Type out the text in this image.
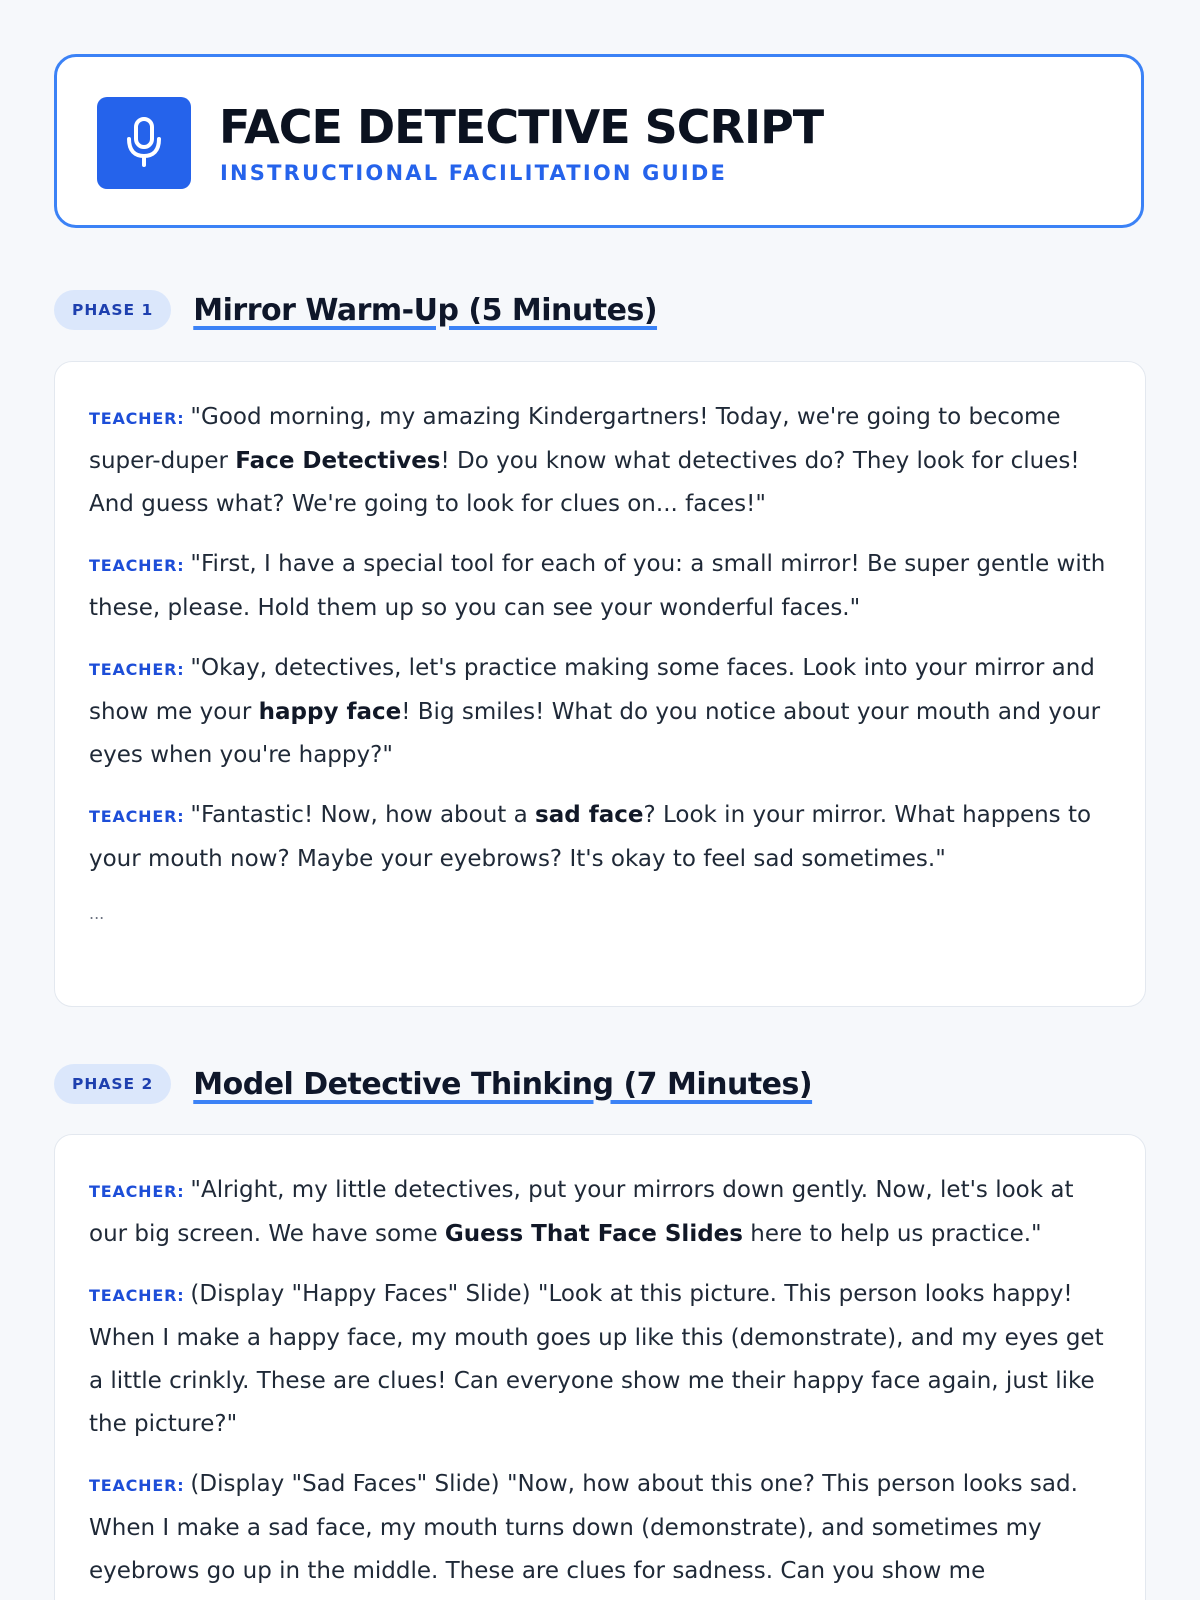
FACE DETECTIVE SCRIPT
INSTRUCTIONAL FACILITATION GUIDE
PHASE 1	Mirror Warm-Up (5 Minutes)

TEACHER: "Good morning, my amazing Kindergartners! Today, we're going to become super-duper Face Detectives! Do you know what detectives do? They look for clues! And guess what? We're going to look for clues on... faces!"

TEACHER: "First, I have a special tool for each of you: a small mirror! Be super gentle with these, please. Hold them up so you can see your wonderful faces."

TEACHER: "Okay, detectives, let's practice making some faces. Look into your mirror and show me your happy face! Big smiles! What do you notice about your mouth and your eyes when you're happy?"

TEACHER: "Fantastic! Now, how about a sad face? Look in your mirror. What happens to your mouth now? Maybe your eyebrows? It's okay to feel sad sometimes."

...
PHASE 2	Model Detective Thinking (7 Minutes)

TEACHER: "Alright, my little detectives, put your mirrors down gently. Now, let's look at our big screen. We have some Guess That Face Slides here to help us practice."

TEACHER: (Display "Happy Faces" Slide) "Look at this picture. This person looks happy! When I make a happy face, my mouth goes up like this (demonstrate), and my eyes get a little crinkly. These are clues! Can everyone show me their happy face again, just like the picture?"

TEACHER: (Display "Sad Faces" Slide) "Now, how about this one? This person looks sad. When I make a sad face, my mouth turns down (demonstrate), and sometimes my eyebrows go up in the middle. These are clues for sadness. Can you show me
